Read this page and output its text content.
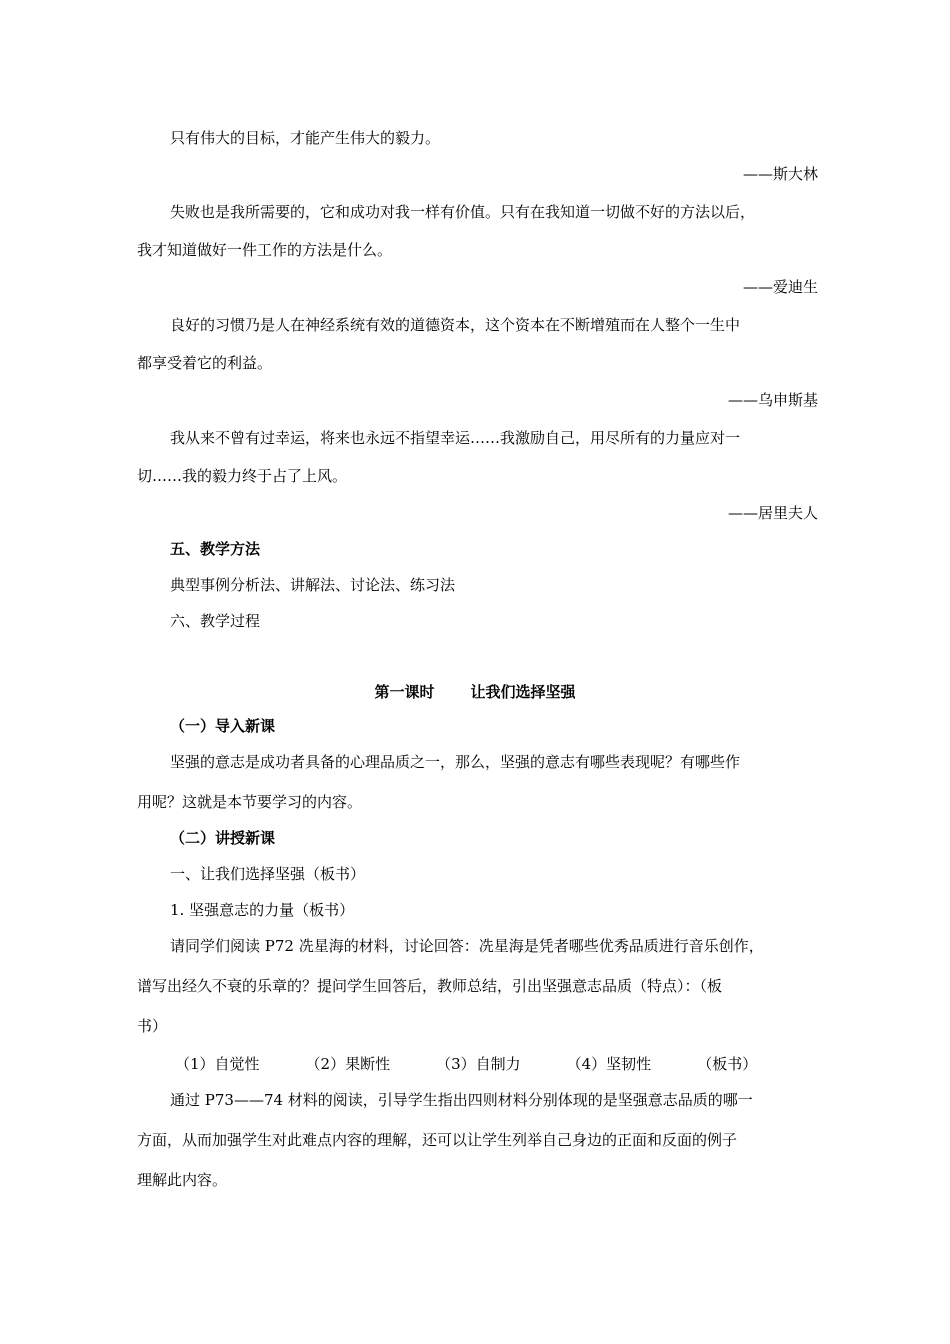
只有伟大的目标，才能产生伟大的毅力。
——斯大林
失败也是我所需要的，它和成功对我一样有价值。只有在我知道一切做不好的方法以后，
我才知道做好一件工作的方法是什么。
——爱迪生
良好的习惯乃是人在神经系统有效的道德资本，这个资本在不断增殖而在人整个一生中
都享受着它的利益。
——乌申斯基
我从来不曾有过幸运，将来也永远不指望幸运……我激励自己，用尽所有的力量应对一
切……我的毅力终于占了上风。
——居里夫人
五、教学方法
典型事例分析法、讲解法、讨论法、练习法
六、教学过程
第一课时 让我们选择坚强
（一）导入新课
坚强的意志是成功者具备的心理品质之一，那么，坚强的意志有哪些表现呢？有哪些作
用呢？这就是本节要学习的内容。
（二）讲授新课
一、让我们选择坚强（板书）
1. 坚强意志的力量（板书）
请同学们阅读 P72 冼星海的材料，讨论回答：冼星海是凭者哪些优秀品质进行音乐创作，
谱写出经久不衰的乐章的？提问学生回答后，教师总结，引出坚强意志品质（特点）：（板
书）
（1）自觉性	（2）果断性	（3）自制力	（4）坚韧性	（板书）
通过 P73——74 材料的阅读，引导学生指出四则材料分别体现的是坚强意志品质的哪一
方面，从而加强学生对此难点内容的理解，还可以让学生列举自己身边的正面和反面的例子
理解此内容。
